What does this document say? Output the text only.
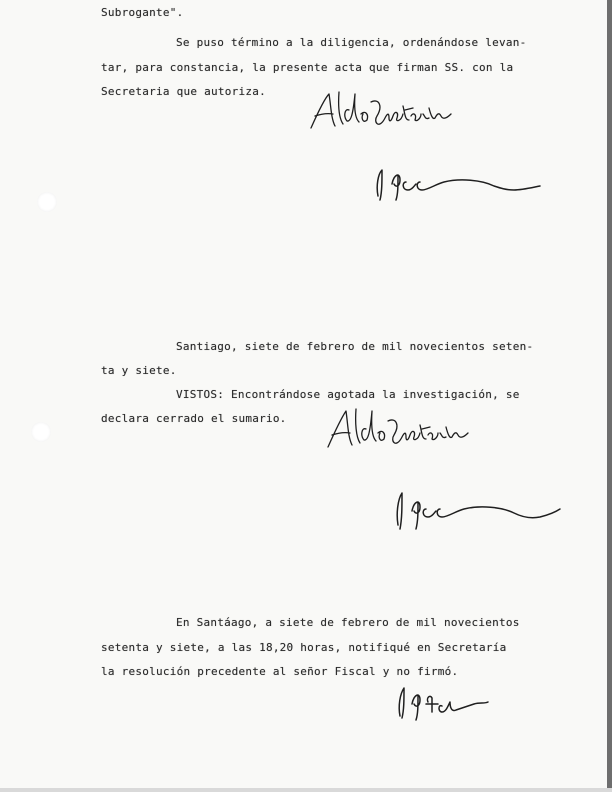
Subrogante".
Se puso término a la diligencia, ordenándose levan-
tar, para constancia, la presente acta que firman SS. con la
Secretaria que autoriza.
Santiago, siete de febrero de mil novecientos seten-
ta y siete.
VISTOS: Encontrándose agotada la investigación, se
declara cerrado el sumario.
En Santáago, a siete de febrero de mil novecientos
setenta y siete, a las 18,20 horas, notifiqué en Secretaría
la resolución precedente al señor Fiscal y no firmó.
